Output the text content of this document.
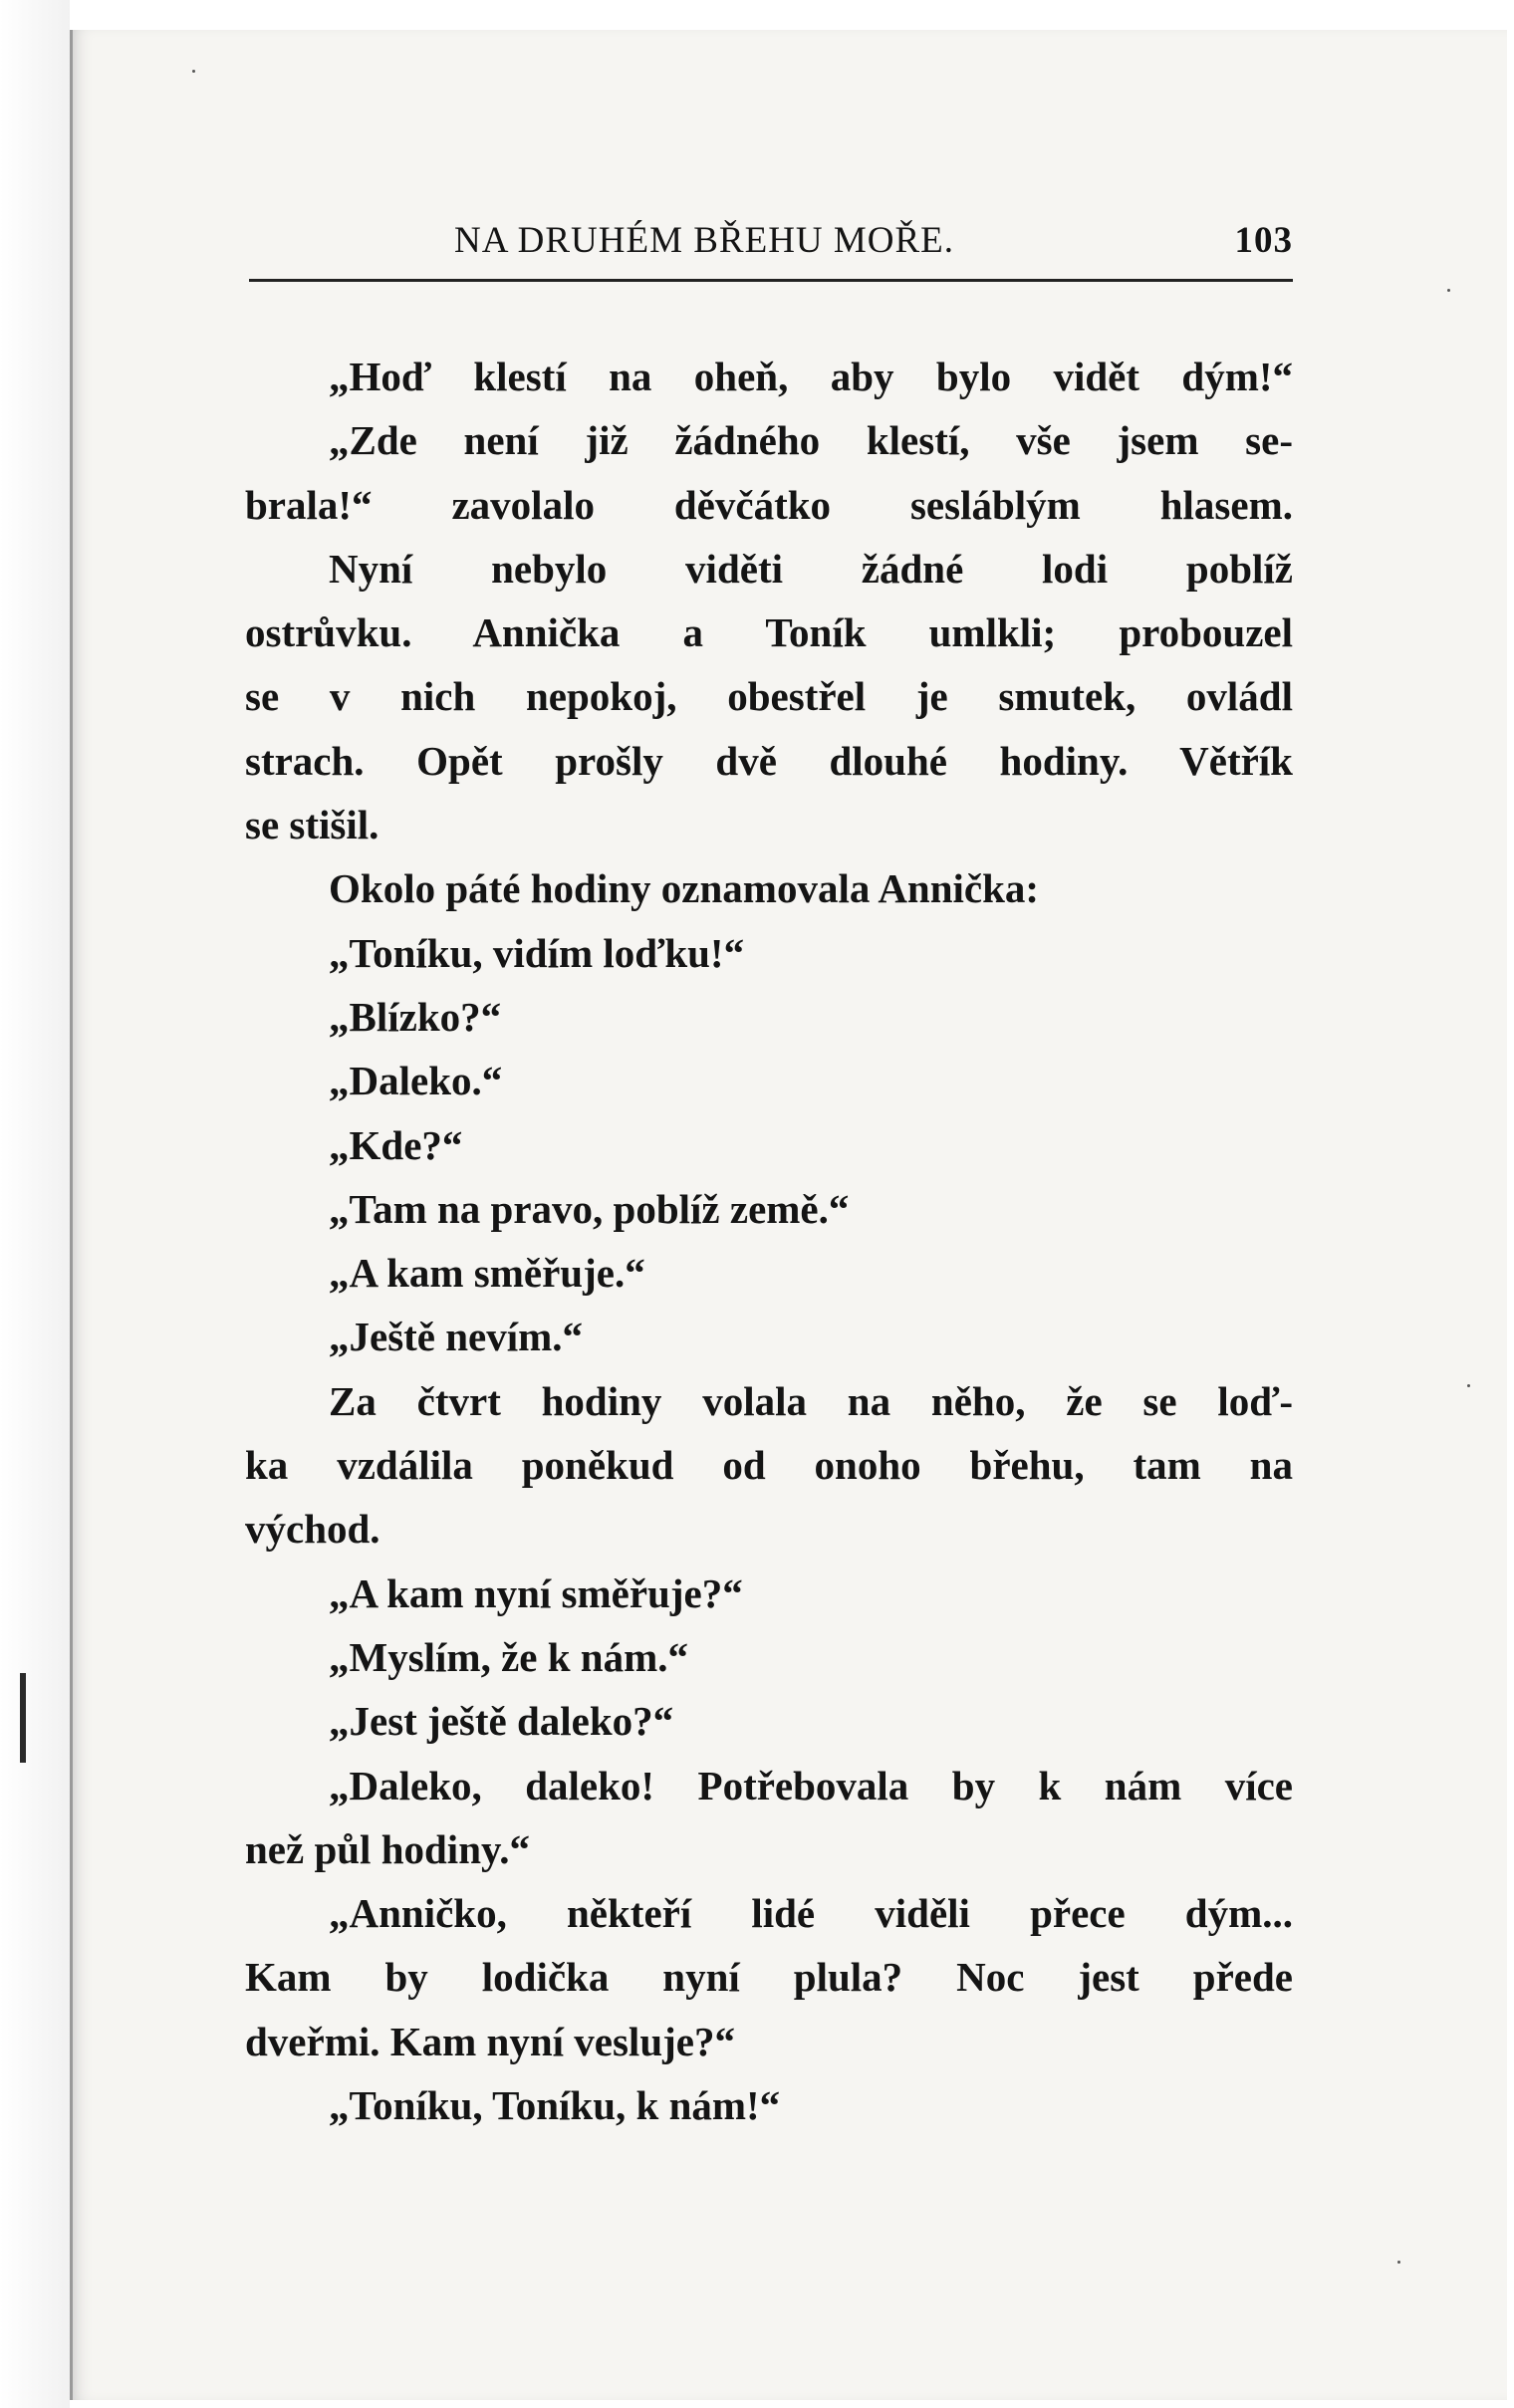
NA DRUHÉM BŘEHU MOŘE.	103
„Hoď klestí na oheň, aby bylo vidět dým!“
„Zde není již žádného klestí, vše jsem se-
brala!“ zavolalo děvčátko sesláblým hlasem.
Nyní nebylo viděti žádné lodi poblíž
ostrůvku. Annička a Toník umlkli; probouzel
se v nich nepokoj, obestřel je smutek, ovládl
strach. Opět prošly dvě dlouhé hodiny. Větřík
se stišil.
Okolo páté hodiny oznamovala Annička:
„Toníku, vidím loďku!“
„Blízko?“
„Daleko.“
„Kde?“
„Tam na pravo, poblíž země.“
„A kam směřuje.“
„Ještě nevím.“
Za čtvrt hodiny volala na něho, že se loď-
ka vzdálila poněkud od onoho břehu, tam na
východ.
„A kam nyní směřuje?“
„Myslím, že k nám.“
„Jest ještě daleko?“
„Daleko, daleko! Potřebovala by k nám více
než půl hodiny.“
„Anničko, někteří lidé viděli přece dým...
Kam by lodička nyní plula? Noc jest přede
dveřmi. Kam nyní vesluje?“
„Toníku, Toníku, k nám!“
